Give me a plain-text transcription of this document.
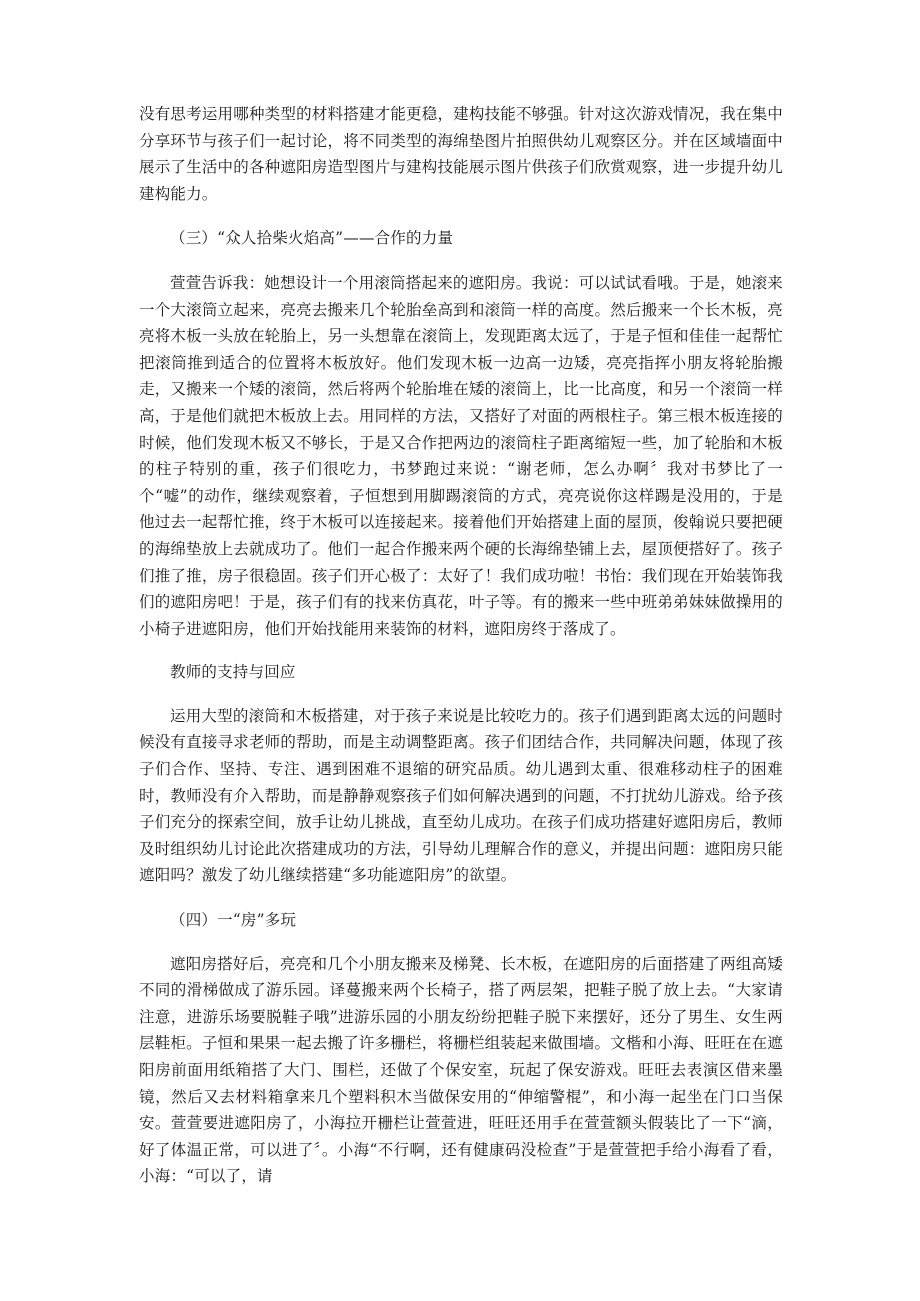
没有思考运用哪种类型的材料搭建才能更稳，建构技能不够强。针对这次游戏情况，我在集中分享环节与孩子们一起讨论，将不同类型的海绵垫图片拍照供幼儿观察区分。并在区域墙面中展示了生活中的各种遮阳房造型图片与建构技能展示图片供孩子们欣赏观察，进一步提升幼儿建构能力。

（三）“众人拾柴火焰高”——合作的力量

萱萱告诉我：她想设计一个用滚筒搭起来的遮阳房。我说：可以试试看哦。于是，她滚来一个大滚筒立起来，亮亮去搬来几个轮胎垒高到和滚筒一样的高度。然后搬来一个长木板，亮亮将木板一头放在轮胎上，另一头想靠在滚筒上，发现距离太远了，于是子恒和佳佳一起帮忙把滚筒推到适合的位置将木板放好。他们发现木板一边高一边矮，亮亮指挥小朋友将轮胎搬走，又搬来一个矮的滚筒，然后将两个轮胎堆在矮的滚筒上，比一比高度，和另一个滚筒一样高，于是他们就把木板放上去。用同样的方法，又搭好了对面的两根柱子。第三根木板连接的时候，他们发现木板又不够长，于是又合作把两边的滚筒柱子距离缩短一些，加了轮胎和木板的柱子特别的重，孩子们很吃力，书梦跑过来说：“谢老师，怎么办啊〞我对书梦比了一个“嘘”的动作，继续观察着，子恒想到用脚踢滚筒的方式，亮亮说你这样踢是没用的，于是他过去一起帮忙推，终于木板可以连接起来。接着他们开始搭建上面的屋顶，俊翰说只要把硬的海绵垫放上去就成功了。他们一起合作搬来两个硬的长海绵垫铺上去，屋顶便搭好了。孩子们推了推，房子很稳固。孩子们开心极了：太好了！我们成功啦！书怡：我们现在开始装饰我们的遮阳房吧！于是，孩子们有的找来仿真花，叶子等。有的搬来一些中班弟弟妹妹做操用的小椅子进遮阳房，他们开始找能用来装饰的材料，遮阳房终于落成了。

教师的支持与回应

运用大型的滚筒和木板搭建，对于孩子来说是比较吃力的。孩子们遇到距离太远的问题时候没有直接寻求老师的帮助，而是主动调整距离。孩子们团结合作，共同解决问题，体现了孩子们合作、坚持、专注、遇到困难不退缩的研究品质。幼儿遇到太重、很难移动柱子的困难时，教师没有介入帮助，而是静静观察孩子们如何解决遇到的问题，不打扰幼儿游戏。给予孩子们充分的探索空间，放手让幼儿挑战，直至幼儿成功。在孩子们成功搭建好遮阳房后，教师及时组织幼儿讨论此次搭建成功的方法，引导幼儿理解合作的意义，并提出问题：遮阳房只能遮阳吗？激发了幼儿继续搭建“多功能遮阳房”的欲望。

（四）一“房”多玩

遮阳房搭好后，亮亮和几个小朋友搬来及梯凳、长木板，在遮阳房的后面搭建了两组高矮不同的滑梯做成了游乐园。译蔓搬来两个长椅子，搭了两层架，把鞋子脱了放上去。“大家请注意，进游乐场要脱鞋子哦”进游乐园的小朋友纷纷把鞋子脱下来摆好，还分了男生、女生两层鞋柜。子恒和果果一起去搬了许多栅栏，将栅栏组装起来做围墙。文楷和小海、旺旺在在遮阳房前面用纸箱搭了大门、围栏，还做了个保安室，玩起了保安游戏。旺旺去表演区借来墨镜，然后又去材料箱拿来几个塑料积木当做保安用的“伸缩警棍”，和小海一起坐在门口当保安。萱萱要进遮阳房了，小海拉开栅栏让萱萱进，旺旺还用手在萱萱额头假装比了一下“滴，好了体温正常，可以进了〞。小海“不行啊，还有健康码没检查”于是萱萱把手给小海看了看，小海：“可以了，请
